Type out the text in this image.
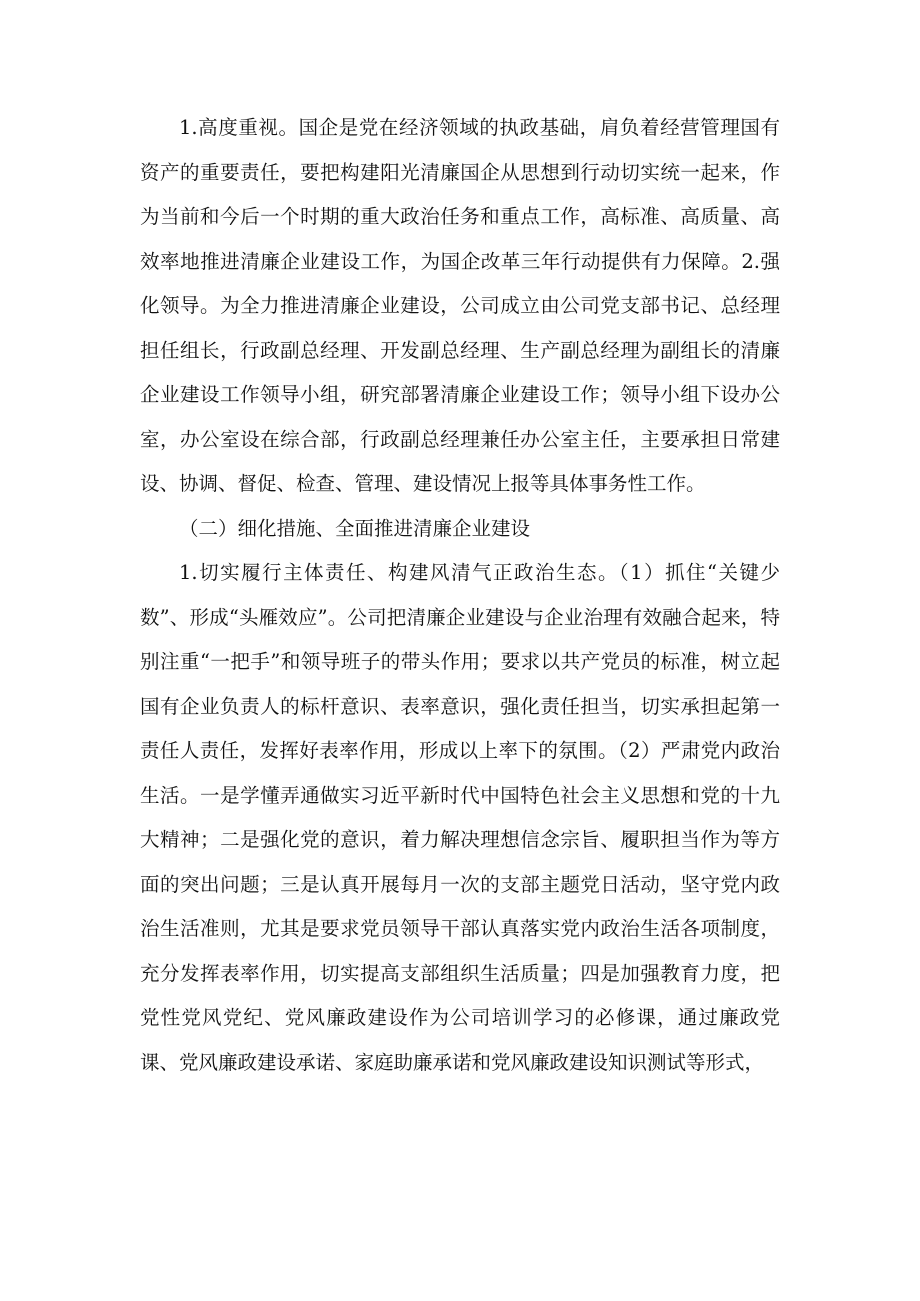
1.高度重视。国企是党在经济领域的执政基础，肩负着经营管理国有资产的重要责任，要把构建阳光清廉国企从思想到行动切实统一起来，作为当前和今后一个时期的重大政治任务和重点工作，高标准、高质量、高效率地推进清廉企业建设工作，为国企改革三年行动提供有力保障。2.强化领导。为全力推进清廉企业建设，公司成立由公司党支部书记、总经理担任组长，行政副总经理、开发副总经理、生产副总经理为副组长的清廉企业建设工作领导小组，研究部署清廉企业建设工作；领导小组下设办公室，办公室设在综合部，行政副总经理兼任办公室主任，主要承担日常建设、协调、督促、检查、管理、建设情况上报等具体事务性工作。

（二）细化措施、全面推进清廉企业建设

1.切实履行主体责任、构建风清气正政治生态。（1）抓住“关键少数”、形成“头雁效应”。公司把清廉企业建设与企业治理有效融合起来，特别注重“一把手”和领导班子的带头作用；要求以共产党员的标准，树立起国有企业负责人的标杆意识、表率意识，强化责任担当，切实承担起第一责任人责任，发挥好表率作用，形成以上率下的氛围。（2）严肃党内政治生活。一是学懂弄通做实习近平新时代中国特色社会主义思想和党的十九大精神；二是强化党的意识，着力解决理想信念宗旨、履职担当作为等方面的突出问题；三是认真开展每月一次的支部主题党日活动，坚守党内政治生活准则，尤其是要求党员领导干部认真落实党内政治生活各项制度，充分发挥表率作用，切实提高支部组织生活质量；四是加强教育力度，把党性党风党纪、党风廉政建设作为公司培训学习的必修课，通过廉政党课、党风廉政建设承诺、家庭助廉承诺和党风廉政建设知识测试等形式，
